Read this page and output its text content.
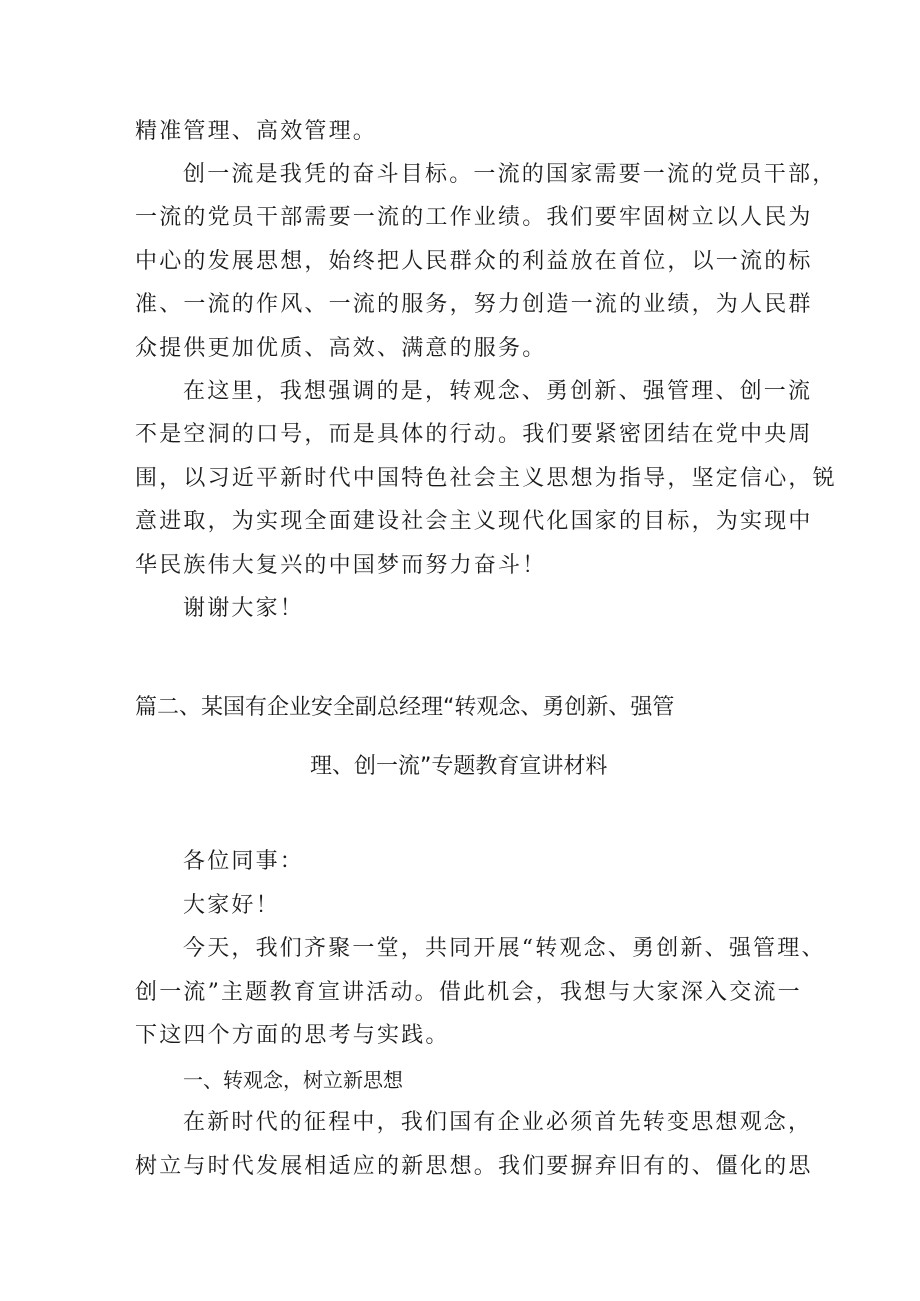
精准管理、高效管理。
创一流是我凭的奋斗目标。一流的国家需要一流的党员干部，
一流的党员干部需要一流的工作业绩。我们要牢固树立以人民为
中心的发展思想，始终把人民群众的利益放在首位，以一流的标
准、一流的作风、一流的服务，努力创造一流的业绩，为人民群
众提供更加优质、高效、满意的服务。
在这里，我想强调的是，转观念、勇创新、强管理、创一流
不是空洞的口号，而是具体的行动。我们要紧密团结在党中央周
围，以习近平新时代中国特色社会主义思想为指导，坚定信心，锐
意进取，为实现全面建设社会主义现代化国家的目标，为实现中
华民族伟大复兴的中国梦而努力奋斗！
谢谢大家！
篇二、某国有企业安全副总经理“转观念、勇创新、强管
理、创一流”专题教育宣讲材料
各位同事：
大家好！
今天，我们齐聚一堂，共同开展“转观念、勇创新、强管理、
创一流”主题教育宣讲活动。借此机会，我想与大家深入交流一
下这四个方面的思考与实践。
一、转观念，树立新思想
在新时代的征程中，我们国有企业必须首先转变思想观念，
树立与时代发展相适应的新思想。我们要摒弃旧有的、僵化的思
